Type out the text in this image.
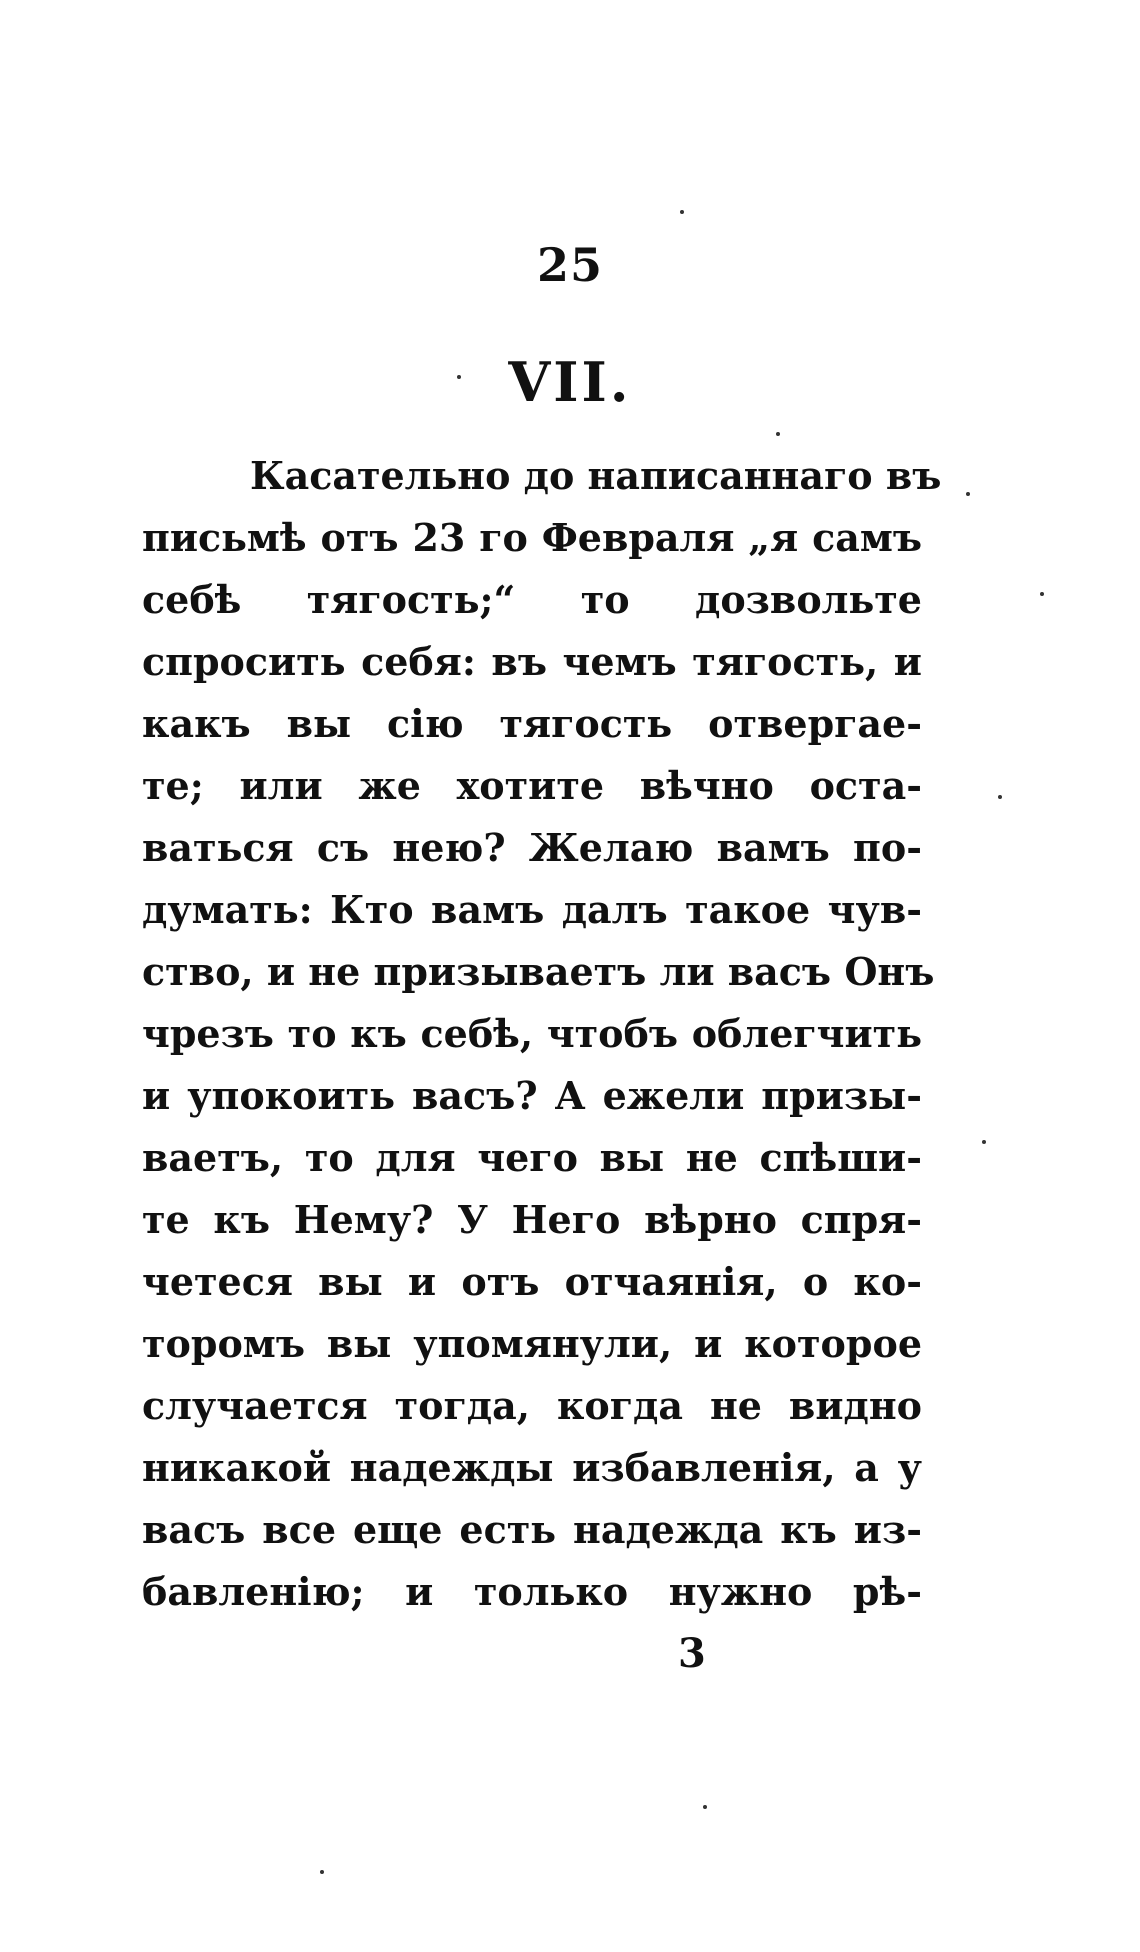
25
VII.
Касательно до написаннаго въ
письмѣ отъ 23 го Февраля „я самъ
себѣ тягость;“ то дозвольте
спросить себя: въ чемъ тягость, и
какъ вы сію тягость отвергае-
те; или же хотите вѣчно оста-
ваться съ нею? Желаю вамъ по-
думать: Кто вамъ далъ такое чув-
ство, и не призываетъ ли васъ Онъ
чрезъ то къ себѣ, чтобъ облегчить
и упокоить васъ? А ежели призы-
ваетъ, то для чего вы не спѣши-
те къ Нему? У Него вѣрно спря-
четеся вы и отъ отчаянія, о ко-
торомъ вы упомянули, и которое
случается тогда, когда не видно
никакой надежды избавленія, а у
васъ все еще есть надежда къ из-
бавленію; и только нужно рѣ-
3
